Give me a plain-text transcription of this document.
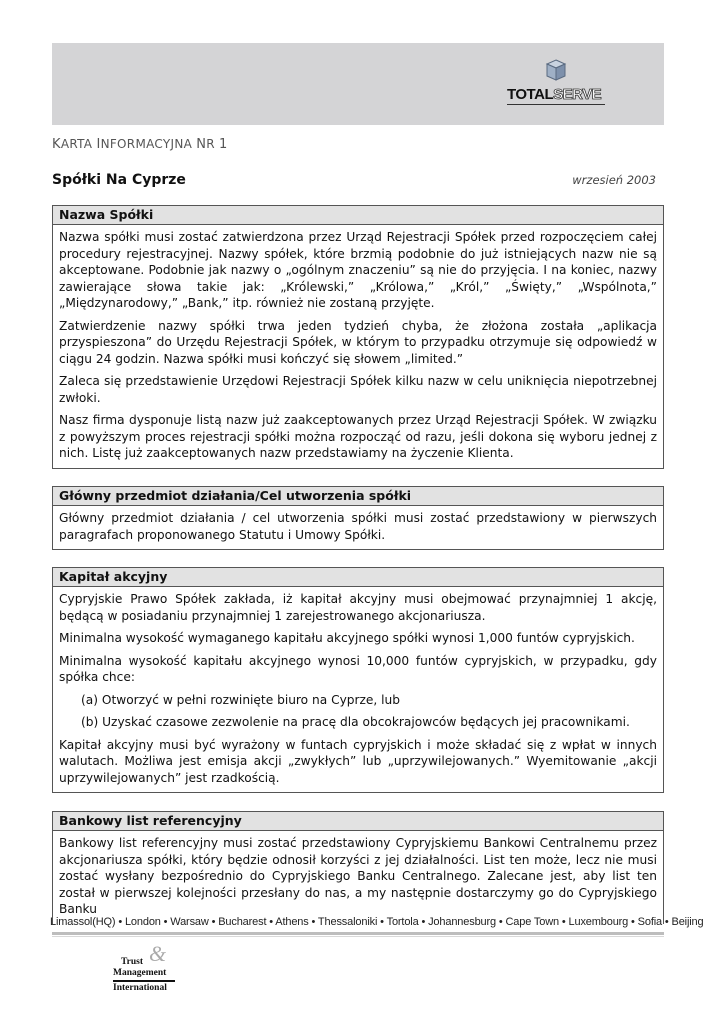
TOTALSERVE
KARTA INFORMACYJNA NR 1
Spółki Na Cyprze	wrzesień 2003
Nazwa Spółki

Nazwa spółki musi zostać zatwierdzona przez Urząd Rejestracji Spółek przed rozpoczęciem całej procedury rejestracyjnej. Nazwy spółek, które brzmią podobnie do już istniejących nazw nie są akceptowane. Podobnie jak nazwy o „ogólnym znaczeniu” są nie do przyjęcia. I na koniec, nazwy zawierające słowa takie jak: „Królewski,” „Królowa,” „Król,” „Święty,” „Wspólnota,” „Międzynarodowy,” „Bank,” itp. również nie zostaną przyjęte.

Zatwierdzenie nazwy spółki trwa jeden tydzień chyba, że złożona została „aplikacja przyspieszona” do Urzędu Rejestracji Spółek, w którym to przypadku otrzymuje się odpowiedź w ciągu 24 godzin. Nazwa spółki musi kończyć się słowem „limited.”

Zaleca się przedstawienie Urzędowi Rejestracji Spółek kilku nazw w celu uniknięcia niepotrzebnej zwłoki.

Nasz firma dysponuje listą nazw już zaakceptowanych przez Urząd Rejestracji Spółek. W związku z powyższym proces rejestracji spółki można rozpocząć od razu, jeśli dokona się wyboru jednej z nich. Listę już zaakceptowanych nazw przedstawiamy na życzenie Klienta.

Główny przedmiot działania/Cel utworzenia spółki

Główny przedmiot działania / cel utworzenia spółki musi zostać przedstawiony w pierwszych paragrafach proponowanego Statutu i Umowy Spółki.

Kapitał akcyjny

Cypryjskie Prawo Spółek zakłada, iż kapitał akcyjny musi obejmować przynajmniej 1 akcję, będącą w posiadaniu przynajmniej 1 zarejestrowanego akcjonariusza.

Minimalna wysokość wymaganego kapitału akcyjnego spółki wynosi 1,000 funtów cypryjskich.

Minimalna wysokość kapitału akcyjnego wynosi 10,000 funtów cypryjskich, w przypadku, gdy spółka chce:

(a) Otworzyć w pełni rozwinięte biuro na Cyprze, lub

(b) Uzyskać czasowe zezwolenie na pracę dla obcokrajowców będących jej pracownikami.

Kapitał akcyjny musi być wyrażony w funtach cypryjskich i może składać się z wpłat w innych walutach. Możliwa jest emisja akcji „zwykłych” lub „uprzywilejowanych.” Wyemitowanie „akcji uprzywilejowanych” jest rzadkością.

Bankowy list referencyjny

Bankowy list referencyjny musi zostać przedstawiony Cypryjskiemu Bankowi Centralnemu przez akcjonariusza spółki, który będzie odnosił korzyści z jej działalności. List ten może, lecz nie musi zostać wysłany bezpośrednio do Cypryjskiego Banku Centralnego. Zalecane jest, aby list ten został w pierwszej kolejności przesłany do nas, a my następnie dostarczymy go do Cypryjskiego Banku

Limassol(HQ) • London • Warsaw • Bucharest • Athens • Thessaloniki • Tortola • Johannesburg • Cape Town • Luxembourg • Sofia • Beijing
&
Trust
Management
International
